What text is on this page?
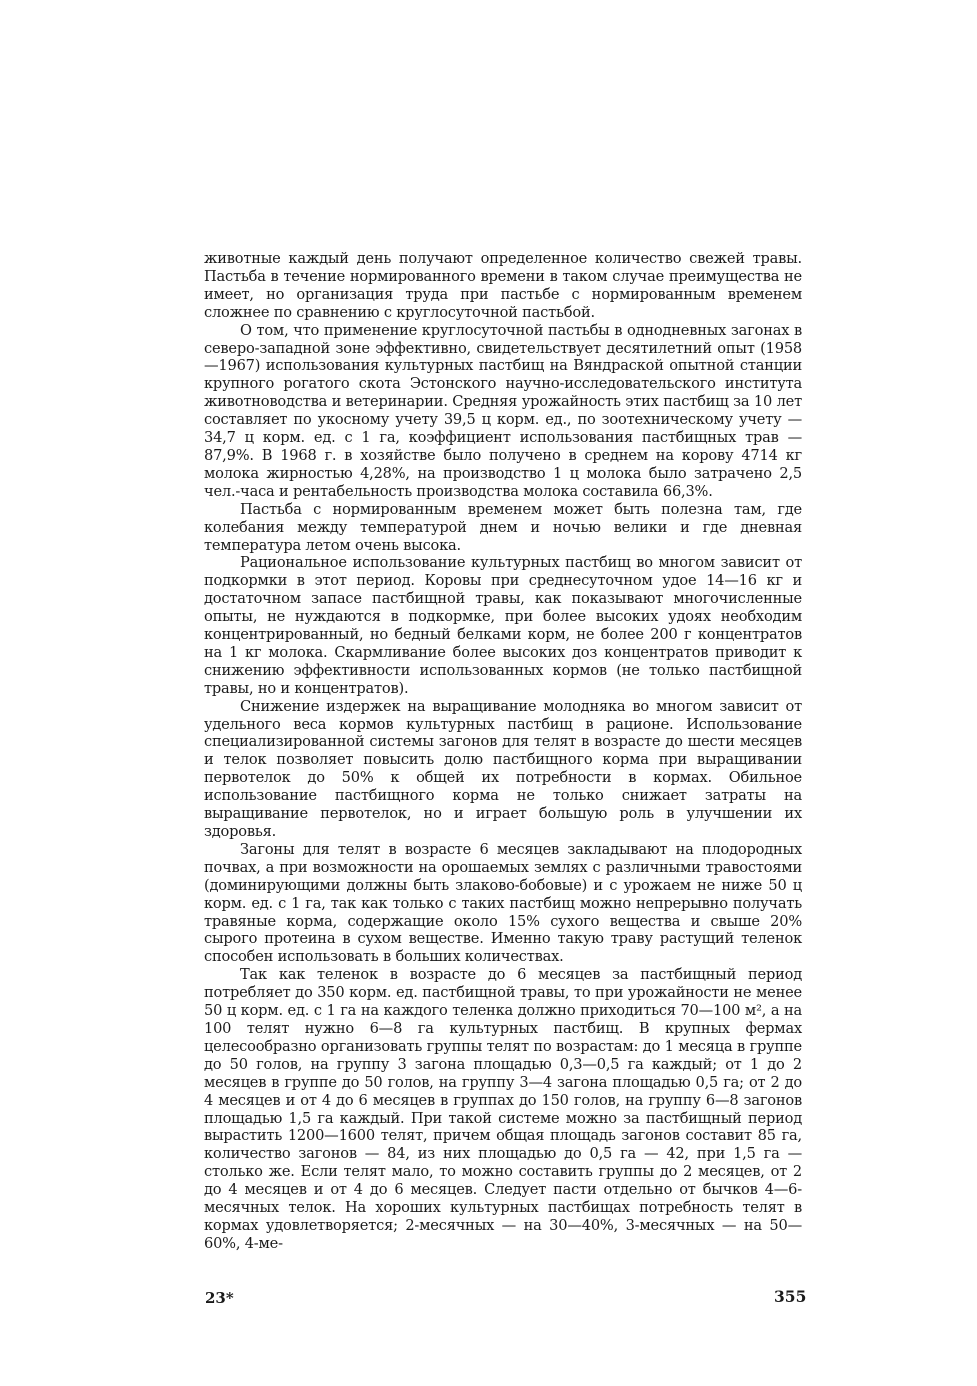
животные каждый день получают определенное количество свежей травы. Пастьба в течение нормированного времени в таком случае преимущества не имеет, но организация труда при пастьбе с нормированным временем сложнее по сравнению с круглосуточной пастьбой.

О том, что применение круглосуточной пастьбы в однодневных загонах в северо-западной зоне эффективно, свидетельствует десятилетний опыт (1958—1967) использования культурных пастбищ на Вяндраской опытной станции крупного рогатого скота Эстонского научно-исследовательского института животноводства и ветеринарии. Средняя урожайность этих пастбищ за 10 лет составляет по укосному учету 39,5 ц корм. ед., по зоотехническому учету — 34,7 ц корм. ед. с 1 га, коэффициент использования пастбищных трав — 87,9%. В 1968 г. в хозяйстве было получено в среднем на корову 4714 кг молока жирностью 4,28%, на производство 1 ц молока было затрачено 2,5 чел.-часа и рентабельность производства молока составила 66,3%.

Пастьба с нормированным временем может быть полезна там, где колебания между температурой днем и ночью велики и где дневная температура летом очень высока.

Рациональное использование культурных пастбищ во многом зависит от подкормки в этот период. Коровы при среднесуточном удое 14—16 кг и достаточном запасе пастбищной травы, как показывают многочисленные опыты, не нуждаются в подкормке, при более высоких удоях необходим концентрированный, но бедный белками корм, не более 200 г концентратов на 1 кг молока. Скармливание более высоких доз концентратов приводит к снижению эффективности использованных кормов (не только пастбищной травы, но и концентратов).

Снижение издержек на выращивание молодняка во многом зависит от удельного веса кормов культурных пастбищ в рационе. Использование специализированной системы загонов для телят в возрасте до шести месяцев и телок позволяет повысить долю пастбищного корма при выращивании первотелок до 50% к общей их потребности в кормах. Обильное использование пастбищного корма не только снижает затраты на выращивание первотелок, но и играет большую роль в улучшении их здоровья.

Загоны для телят в возрасте 6 месяцев закладывают на плодородных почвах, а при возможности на орошаемых землях с различными травостоями (доминирующими должны быть злаково-бобовые) и с урожаем не ниже 50 ц корм. ед. с 1 га, так как только с таких пастбищ можно непрерывно получать травяные корма, содержащие около 15% сухого вещества и свыше 20% сырого протеина в сухом веществе. Именно такую траву растущий теленок способен использовать в больших количествах.

Так как теленок в возрасте до 6 месяцев за пастбищный период потребляет до 350 корм. ед. пастбищной травы, то при урожайности не менее 50 ц корм. ед. с 1 га на каждого теленка должно приходиться 70—100 м², а на 100 телят нужно 6—8 га культурных пастбищ. В крупных фермах целесообразно организовать группы телят по возрастам: до 1 месяца в группе до 50 голов, на группу 3 загона площадью 0,3—0,5 га каждый; от 1 до 2 месяцев в группе до 50 голов, на группу 3—4 загона площадью 0,5 га; от 2 до 4 месяцев и от 4 до 6 месяцев в группах до 150 голов, на группу 6—8 загонов площадью 1,5 га каждый. При такой системе можно за пастбищный период вырастить 1200—1600 телят, причем общая площадь загонов составит 85 га, количество загонов — 84, из них площадью до 0,5 га — 42, при 1,5 га — столько же. Если телят мало, то можно составить группы до 2 месяцев, от 2 до 4 месяцев и от 4 до 6 месяцев. Следует пасти отдельно от бычков 4—6-месячных телок. На хороших культурных пастбищах потребность телят в кормах удовлетворяется; 2-месячных — на 30—40%, 3-месячных — на 50—60%, 4-ме-

23*	355
